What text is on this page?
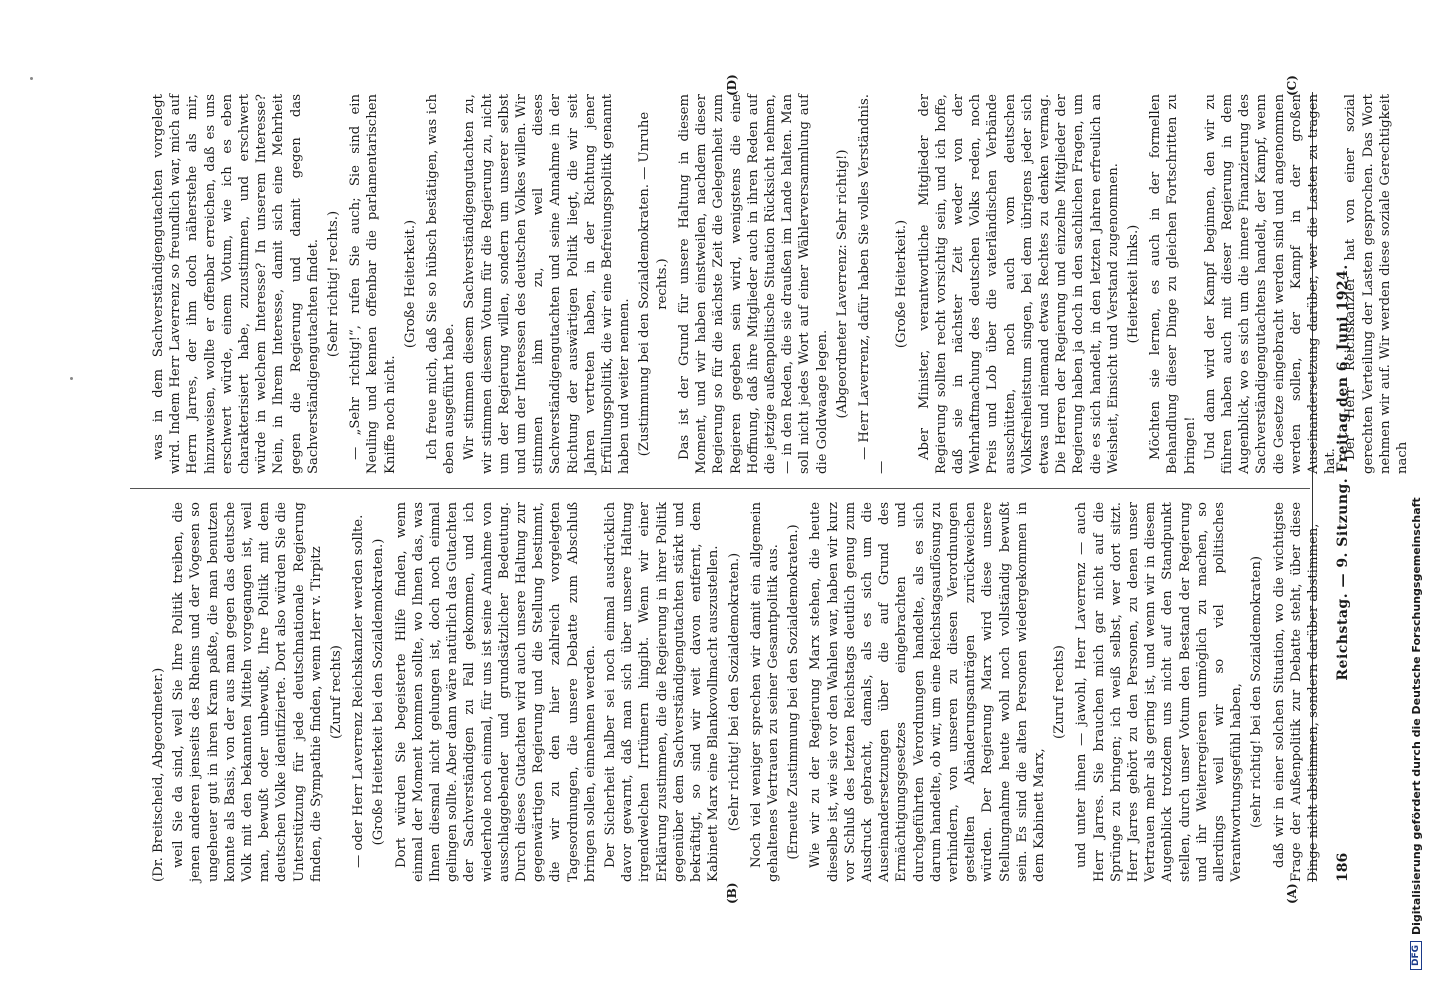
186
Reichstag. — 9. Sitzung. Freitag den 6. Juni 1924.
(A)
(B)
(C)
(D)

(Dr. Breitscheid, Abgeordneter.) weil Sie da sind, weil Sie Ihre Politik treiben, die jenen anderen jenseits des Rheins und der Vogesen so ungeheuer gut in ihren Kram paßte, die man benutzen konnte als Basis, von der aus man gegen das deutsche Volk mit den bekannten Mitteln vorgegangen ist, weil man, bewußt oder unbewußt, Ihre Politik mit dem deutschen Volke identifizierte. Dort also würden Sie die Unterstützung für jede deutschnationale Regierung finden, die Sympathie finden, wenn Herr v. Tirpitz (Zuruf rechts) — oder Herr Laverrenz Reichskanzler werden sollte. (Große Heiterkeit bei den Sozialdemokraten.) Dort würden Sie begeisterte Hilfe finden, wenn einmal der Moment kommen sollte, wo Ihnen das, was Ihnen diesmal nicht gelungen ist, doch noch einmal gelingen sollte. Aber dann wäre natürlich das Gutachten der Sachverständigen zu Fall gekommen, und ich wiederhole noch einmal, für uns ist seine Annahme von ausschlaggebender und grundsätzlicher Bedeutung. Durch dieses Gutachten wird auch unsere Haltung zur gegenwärtigen Regierung und die Stellung bestimmt, die wir zu den hier zahlreich vorgelegten Tagesordnungen, die unsere Debatte zum Abschluß bringen sollen, einnehmen werden. Der Sicherheit halber sei noch einmal ausdrücklich davor gewarnt, daß man sich über unsere Haltung irgendwelchen Irrtümern hingibt. Wenn wir einer Erklärung zustimmen, die die Regierung in ihrer Politik gegenüber dem Sachverständigengutachten stärkt und bekräftigt, so sind wir weit davon entfernt, dem Kabinett Marx eine Blankovollmacht auszustellen. (Sehr richtig! bei den Sozialdemokraten.) Noch viel weniger sprechen wir damit ein allgemein gehaltenes Vertrauen zu seiner Gesamtpolitik aus. (Erneute Zustimmung bei den Sozialdemokraten.) Wie wir zu der Regierung Marx stehen, die heute dieselbe ist, wie sie vor den Wahlen war, haben wir kurz vor Schluß des letzten Reichstags deutlich genug zum Ausdruck gebracht, damals, als es sich um die Auseinandersetzungen über die auf Grund des Ermächtigungsgesetzes eingebrachten und durchgeführten Verordnungen handelte, als es sich darum handelte, ob wir, um eine Reichstagsauflösung zu verhindern, von unseren zu diesen Verordnungen gestellten Abänderungsanträgen zurückweichen würden. Der Regierung Marx wird diese unsere Stellungnahme heute wohl noch vollständig bewußt sein. Es sind die alten Personen wiedergekommen in dem Kabinett Marx,

(Zuruf rechts) und unter ihnen — jawohl, Herr Laverrenz — auch Herr Jarres. Sie brauchen mich gar nicht auf die Sprünge zu bringen; ich weiß selbst, wer dort sitzt. Herr Jarres gehört zu den Personen, zu denen unser Vertrauen mehr als gering ist, und wenn wir in diesem Augenblick trotzdem uns nicht auf den Standpunkt stellen, durch unser Votum den Bestand der Regierung und ihr Weiterregieren unmöglich zu machen, so allerdings weil wir so viel politisches Verantwortungsgefühl haben, (sehr richtig! bei den Sozialdemokraten) daß wir in einer solchen Situation, wo die wichtigste Frage der Außenpolitik zur Debatte steht, über diese Dinge nicht abstimmen, sondern darüber abstimmen,

was in dem Sachverständigengutachten vorgelegt wird. Indem Herr Laverrenz so freundlich war, mich auf Herrn Jarres, der ihm doch näherstehe als mir, hinzuweisen, wollte er offenbar erreichen, daß es uns erschwert würde, einem Votum, wie ich es eben charakterisiert habe, zuzustimmen, und erschwert würde in welchem Interesse? In unserem Interesse? Nein, in Ihrem Interesse, damit sich eine Mehrheit gegen die Regierung und damit gegen das Sachverständigengutachten findet. (Sehr richtig! rechts.) — „Sehr richtig!“, rufen Sie auch; Sie sind ein Neuling und kennen offenbar die parlamentarischen Kniffe noch nicht.

(Große Heiterkeit.) Ich freue mich, daß Sie so hübsch bestätigen, was ich eben ausgeführt habe. Wir stimmen diesem Sachverständigengutachten zu, wir stimmen diesem Votum für die Regierung zu, nicht um der Regierung willen, sondern um unserer selbst und um der Interessen des deutschen Volkes willen. Wir stimmen ihm zu, weil dieses Sachverständigengutachten und seine Annahme in der Richtung der auswärtigen Politik liegt, die wir seit Jahren vertreten haben, in der Richtung jener Erfüllungspolitik, die wir eine Befreiungspolitik genannt haben und weiter nennen. (Zustimmung bei den Sozialdemokraten. — Unruhe rechts.) Das ist der Grund für unsere Haltung in diesem Moment, und wir haben einstweilen, nachdem dieser Regierung so für die nächste Zeit die Gelegenheit zum Regieren gegeben sein wird, wenigstens die eine Hoffnung, daß ihre Mitglieder auch in ihren Reden auf die jetzige außenpolitische Situation Rücksicht nehmen, — in den Reden, die sie draußen im Lande halten. Man soll nicht jedes Wort auf einer Wählerversammlung auf die Goldwaage legen. (Abgeordneter Laverrenz: Sehr richtig!) — Herr Laverrenz, dafür haben Sie volles Verständnis. —

(Große Heiterkeit.) Aber Minister, verantwortliche Mitglieder der Regierung sollten recht vorsichtig sein, und ich hoffe, daß sie in nächster Zeit weder von der Wehrhaftmachung des deutschen Volks reden, noch Preis und Lob über die vaterländischen Verbände ausschütten, noch auch vom deutschen Volksfreiheitstum singen, bei dem übrigens jeder sich etwas und niemand etwas Rechtes zu denken vermag. Die Herren der Regierung und einzelne Mitglieder der Regierung haben ja doch in den sachlichen Fragen, um die es sich handelt, in den letzten Jahren erfreulich an Weisheit, Einsicht und Verstand zugenommen. (Heiterkeit links.) Möchten sie lernen, es auch in der formellen Behandlung dieser Dinge zu gleichen Fortschritten zu bringen! Und dann wird der Kampf beginnen, den wir zu führen haben auch mit dieser Regierung in dem Augenblick, wo es sich um die innere Finanzierung des Sachverständigengutachtens handelt, der Kampf, wenn die Gesetze eingebracht werden sind und angenommen werden sollen, der Kampf in der großen Auseinandersetzung darüber, wer die Lasten zu tragen hat.

Der Herr Reichskanzler hat von einer sozial gerechten Verteilung der Lasten gesprochen. Das Wort nehmen wir auf. Wir werden diese soziale Gerechtigkeit nach

DFG
Digitalisierung gefördert durch die Deutsche Forschungsgemeinschaft
